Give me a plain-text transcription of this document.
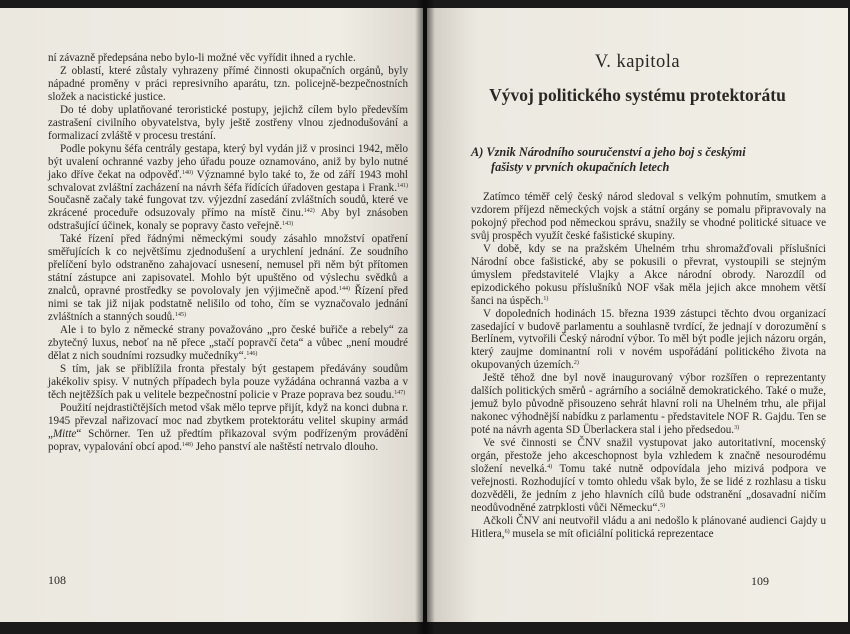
ní závazně předepsána nebo bylo-li možné věc vyřídit ihned a rychle.

Z oblastí, které zůstaly vyhrazeny přímé činnosti okupačních orgánů, byly nápadné proměny v práci represivního aparátu, tzn. policejně-bezpečnostních složek a nacistické justice.

Do té doby uplatňované teroristické postupy, jejichž cílem bylo především zastrašení civilního obyvatelstva, byly ještě zostřeny vlnou zjednodušování a formalizací zvláště v procesu trestání.

Podle pokynu šéfa centrály gestapa, který byl vydán již v prosinci 1942, mělo být uvalení ochranné vazby jeho úřadu pouze oznamováno, aniž by bylo nutné jako dříve čekat na odpověď.$^{140)}$ Významné bylo také to, že od září 1943 mohl schvalovat zvláštní zacházení na návrh šéfa řídících úřadoven gestapa i Frank.$^{141)}$ Současně začaly také fungovat tzv. výjezdní zasedání zvláštních soudů, které ve zkrácené proceduře odsuzovaly přímo na místě činu.$^{142)}$ Aby byl znásoben odstrašující účinek, konaly se popravy často veřejně.$^{143)}$

Také řízení před řádnými německými soudy zásahlo množství opatření směřujících k co největšímu zjednodušení a urychlení jednání. Ze soudního přelíčení bylo odstraněno zahajovací usnesení, nemusel při něm být přítomen státní zástupce ani zapisovatel. Mohlo být upuštěno od výslechu svědků a znalců, opravné prostředky se povolovaly jen výjimečně apod.$^{144)}$ Řízení před nimi se tak již nijak podstatně nelišilo od toho, čím se vyznačovalo jednání zvláštních a stanných soudů.$^{145)}$

Ale i to bylo z německé strany považováno „pro české buřiče a rebely“ za zbytečný luxus, neboť na ně přece „stačí popravčí četa“ a vůbec „není moudré dělat z nich soudními rozsudky mučedníky“.$^{146)}$

S tím, jak se přiblížila fronta přestaly být gestapem předávány soudům jakékoliv spisy. V nutných případech byla pouze vyžádána ochranná vazba a v těch nejtěžších pak u velitele bezpečnostní policie v Praze poprava bez soudu.$^{147)}$

Použití nejdrastičtějších metod však mělo teprve přijít, když na konci dubna r. 1945 převzal nařizovací moc nad zbytkem protektorátu velitel skupiny armád „Mitte“ Schörner. Ten už předtím přikazoval svým podřízeným provádění poprav, vypalování obcí apod.$^{148)}$ Jeho panství ale naštěstí netrvalo dlouho.

108
V. kapitola
Vývoj politického systému protektorátu
A) Vznik Národního souručenství a jeho boj s českými
fašisty v prvních okupačních letech

Zatímco téměř celý český národ sledoval s velkým pohnutím, smutkem a vzdorem příjezd německých vojsk a státní orgány se pomalu připravovaly na pokojný přechod pod německou správu, snažily se vhodné politické situace ve svůj prospěch využít české fašistické skupiny.

V době, kdy se na pražském Uhelném trhu shromažďovali příslušníci Národní obce fašistické, aby se pokusili o převrat, vystoupili se stejným úmyslem představitelé Vlajky a Akce národní obrody. Narozdíl od epizodického pokusu příslušníků NOF však měla jejich akce mnohem větší šanci na úspěch.$^{1)}$

V dopoledních hodinách 15. března 1939 zástupci těchto dvou organizací zasedající v budově parlamentu a souhlasně tvrdící, že jednají v dorozumění s Berlínem, vytvořili Český národní výbor. To měl být podle jejich názoru orgán, který zaujme dominantní roli v novém uspořádání politického života na okupovaných územích.$^{2)}$

Ještě těhož dne byl nově inaugurovaný výbor rozšířen o reprezentanty dalších politických směrů - agrárního a sociálně demokratického. Také o muže, jemuž bylo původně přisouzeno sehrát hlavní roli na Uhelném trhu, ale přijal nakonec výhodnější nabídku z parlamentu - představitele NOF R. Gajdu. Ten se poté na návrh agenta SD Überlackera stal i jeho předsedou.$^{3)}$

Ve své činnosti se ČNV snažil vystupovat jako autoritativní, mocenský orgán, přestože jeho akceschopnost byla vzhledem k značně nesourodému složení nevelká.$^{4)}$ Tomu také nutně odpovídala jeho mizivá podpora ve veřejnosti. Rozhodující v tomto ohledu však bylo, že se lidé z rozhlasu a tisku dozvěděli, že jedním z jeho hlavních cílů bude odstranění „dosavadní ničím neodůvodněné zatrpklosti vůči Německu“.$^{5)}$

Ačkoli ČNV ani neutvořil vládu a ani nedošlo k plánované audienci Gajdy u Hitlera,$^{6)}$ musela se mít oficiální politická reprezentace

109
